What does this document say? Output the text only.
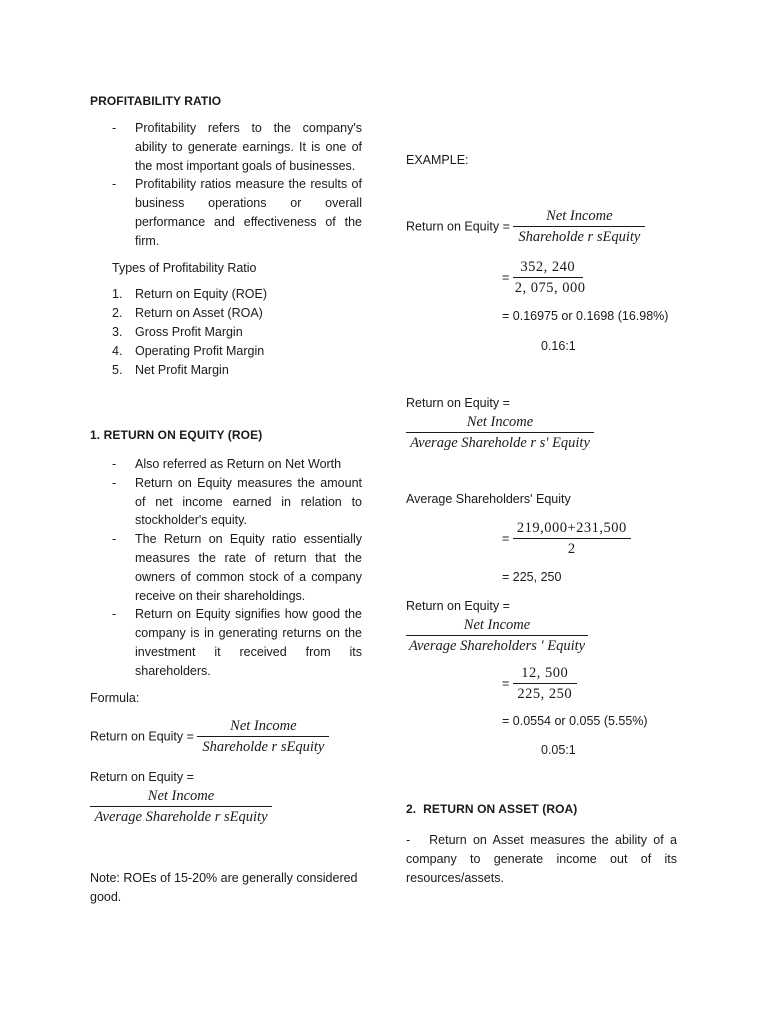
PROFITABILITY RATIO
- Profitability refers to the company's ability to generate earnings. It is one of the most important goals of businesses.
- Profitability ratios measure the results of business operations or overall performance and effectiveness of the firm.
Types of Profitability Ratio
1. Return on Equity (ROE)
2. Return on Asset (ROA)
3. Gross Profit Margin
4. Operating Profit Margin
5. Net Profit Margin
1. RETURN ON EQUITY (ROE)
- Also referred as Return on Net Worth
- Return on Equity measures the amount of net income earned in relation to stockholder's equity.
- The Return on Equity ratio essentially measures the rate of return that the owners of common stock of a company receive on their shareholdings.
- Return on Equity signifies how good the company is in generating returns on the investment it received from its shareholders.
Formula:
Return on Equity = $\frac{\text{Net Income}}{\text{Shareholde r sEquity}}$
Return on Equity =
Net Income
Average Shareholde r sEquity
Note: ROEs of 15-20% are generally considered good.
EXAMPLE:
Return on Equity = $\frac{\text{Net Income}}{\text{Shareholde r sEquity}}$
= $\frac{352, 240}{2, 075, 000}$
= 0.16975 or 0.1698 (16.98%)
0.16:1
Return on Equity =
Net Income
Average Shareholde r s' Equity
Average Shareholders' Equity
= $\frac{219,000+231,500}{2}$
= 225, 250
Return on Equity =
Net Income
Average Shareholders ' Equity
= $\frac{12, 500}{225, 250}$
= 0.0554 or 0.055 (5.55%)
0.05:1
2.  RETURN ON ASSET (ROA)
-   Return on Asset measures the ability of a company to generate income out of its resources/assets.
